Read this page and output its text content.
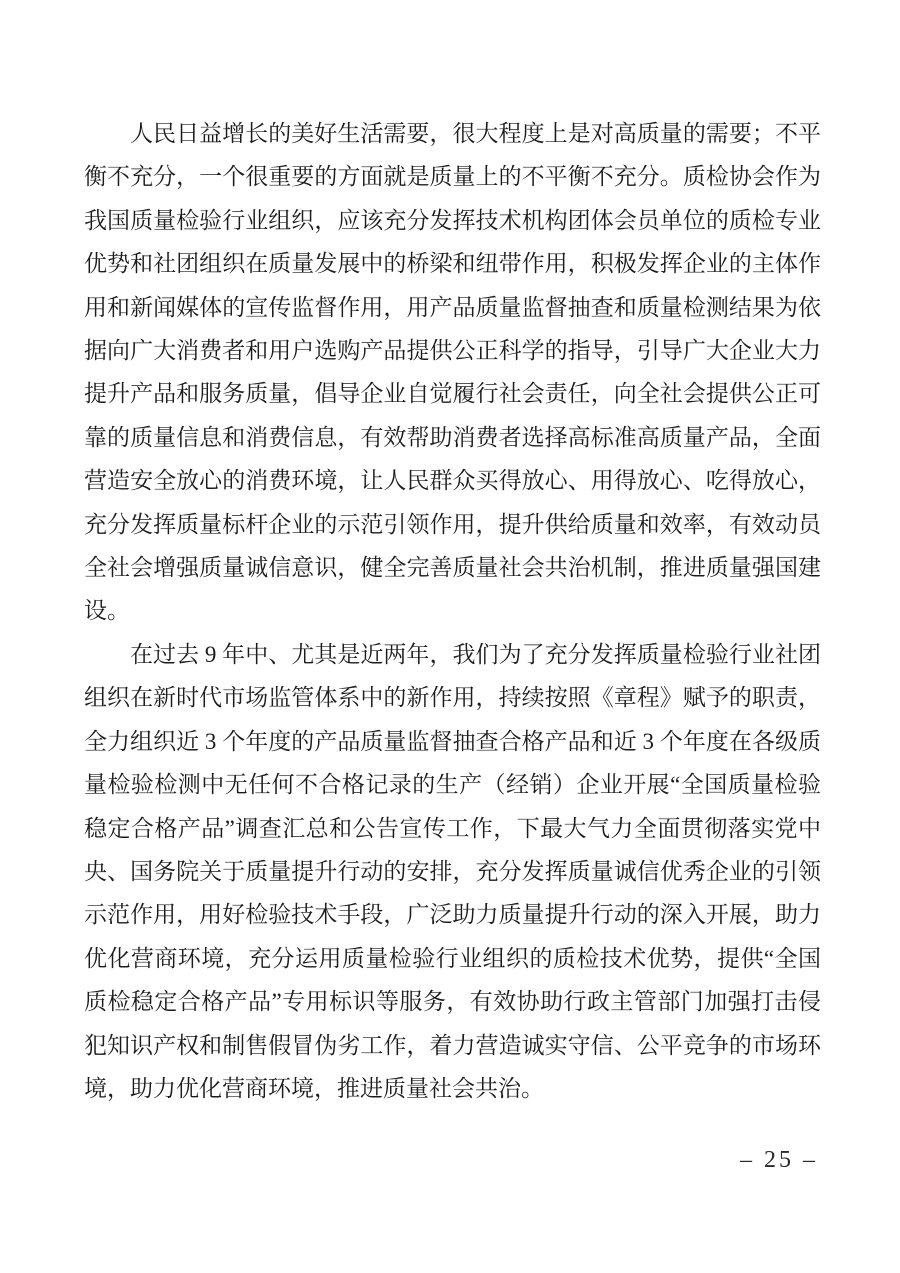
人民日益增长的美好生活需要，很大程度上是对高质量的需要；不平衡不充分，一个很重要的方面就是质量上的不平衡不充分。质检协会作为我国质量检验行业组织，应该充分发挥技术机构团体会员单位的质检专业优势和社团组织在质量发展中的桥梁和纽带作用，积极发挥企业的主体作用和新闻媒体的宣传监督作用，用产品质量监督抽查和质量检测结果为依据向广大消费者和用户选购产品提供公正科学的指导，引导广大企业大力提升产品和服务质量，倡导企业自觉履行社会责任，向全社会提供公正可靠的质量信息和消费信息，有效帮助消费者选择高标准高质量产品，全面营造安全放心的消费环境，让人民群众买得放心、用得放心、吃得放心，充分发挥质量标杆企业的示范引领作用，提升供给质量和效率，有效动员全社会增强质量诚信意识，健全完善质量社会共治机制，推进质量强国建设。

在过去 9 年中、尤其是近两年，我们为了充分发挥质量检验行业社团组织在新时代市场监管体系中的新作用，持续按照《章程》赋予的职责，全力组织近 3 个年度的产品质量监督抽查合格产品和近 3 个年度在各级质量检验检测中无任何不合格记录的生产（经销）企业开展“全国质量检验稳定合格产品”调查汇总和公告宣传工作，下最大气力全面贯彻落实党中央、国务院关于质量提升行动的安排，充分发挥质量诚信优秀企业的引领示范作用，用好检验技术手段，广泛助力质量提升行动的深入开展，助力优化营商环境，充分运用质量检验行业组织的质检技术优势，提供“全国质检稳定合格产品”专用标识等服务，有效协助行政主管部门加强打击侵犯知识产权和制售假冒伪劣工作，着力营造诚实守信、公平竞争的市场环境，助力优化营商环境，推进质量社会共治。

– 25 –
